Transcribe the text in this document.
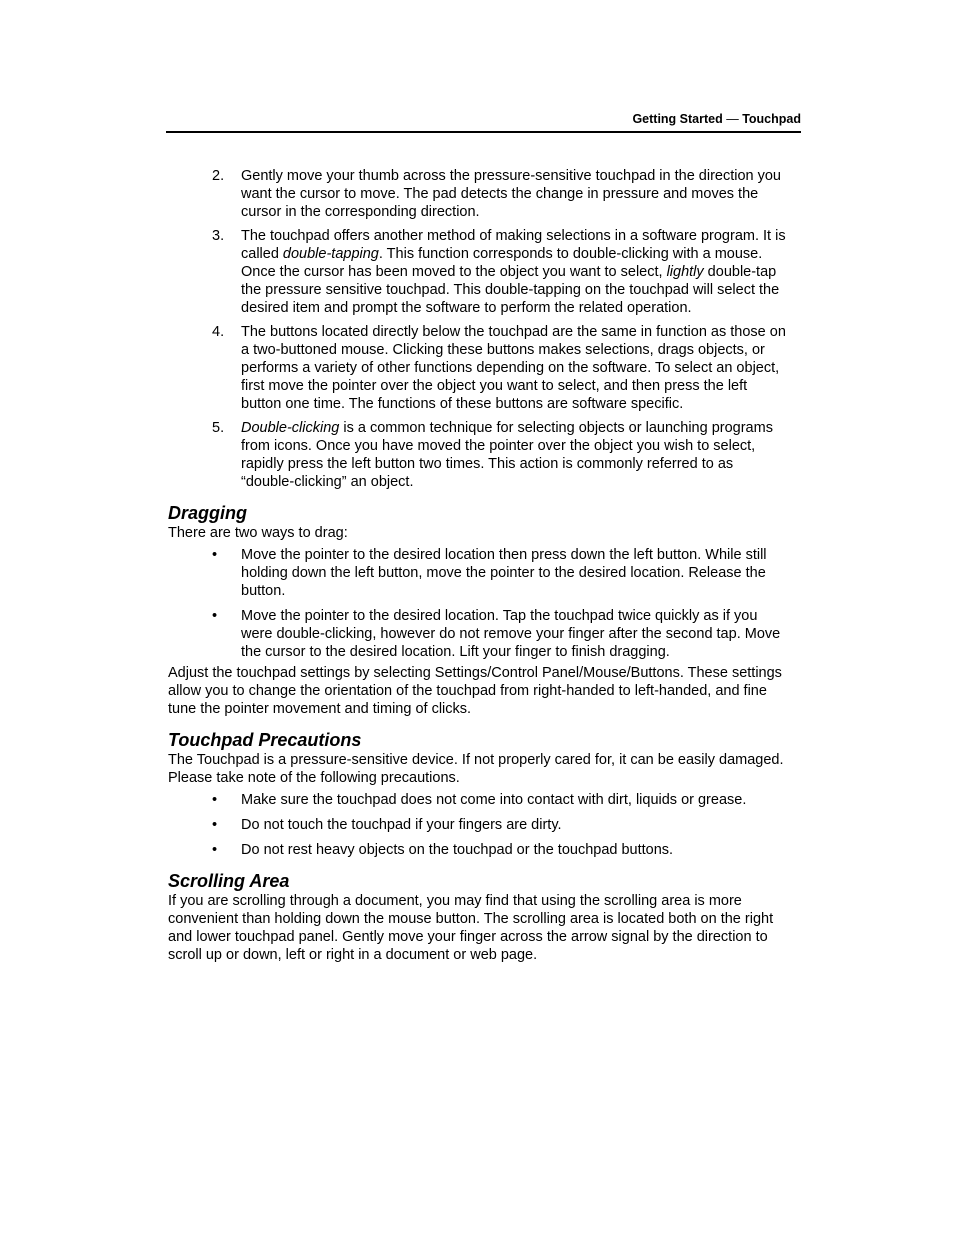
Getting Started — Touchpad
2. Gently move your thumb across the pressure-sensitive touchpad in the direction you want the cursor to move. The pad detects the change in pressure and moves the cursor in the corresponding direction.
3. The touchpad offers another method of making selections in a software program. It is called double-tapping. This function corresponds to double-clicking with a mouse. Once the cursor has been moved to the object you want to select, lightly double-tap the pressure sensitive touchpad. This double-tapping on the touchpad will select the desired item and prompt the software to perform the related operation.
4. The buttons located directly below the touchpad are the same in function as those on a two-buttoned mouse. Clicking these buttons makes selections, drags objects, or performs a variety of other functions depending on the software. To select an object, first move the pointer over the object you want to select, and then press the left button one time. The functions of these buttons are software specific.
5. Double-clicking is a common technique for selecting objects or launching programs from icons. Once you have moved the pointer over the object you wish to select, rapidly press the left button two times. This action is commonly referred to as “double-clicking” an object.
Dragging

There are two ways to drag:

• Move the pointer to the desired location then press down the left button. While still holding down the left button, move the pointer to the desired location. Release the button.
• Move the pointer to the desired location. Tap the touchpad twice quickly as if you were double-clicking, however do not remove your finger after the second tap. Move the cursor to the desired location. Lift your finger to finish dragging.

Adjust the touchpad settings by selecting Settings/Control Panel/Mouse/Buttons. These settings allow you to change the orientation of the touchpad from right-handed to left-handed, and fine tune the pointer movement and timing of clicks.

Touchpad Precautions

The Touchpad is a pressure-sensitive device. If not properly cared for, it can be easily damaged. Please take note of the following precautions.

• Make sure the touchpad does not come into contact with dirt, liquids or grease.
• Do not touch the touchpad if your fingers are dirty.
• Do not rest heavy objects on the touchpad or the touchpad buttons.
Scrolling Area

If you are scrolling through a document, you may find that using the scrolling area is more convenient than holding down the mouse button. The scrolling area is located both on the right and lower touchpad panel. Gently move your finger across the arrow signal by the direction to scroll up or down, left or right in a document or web page.
